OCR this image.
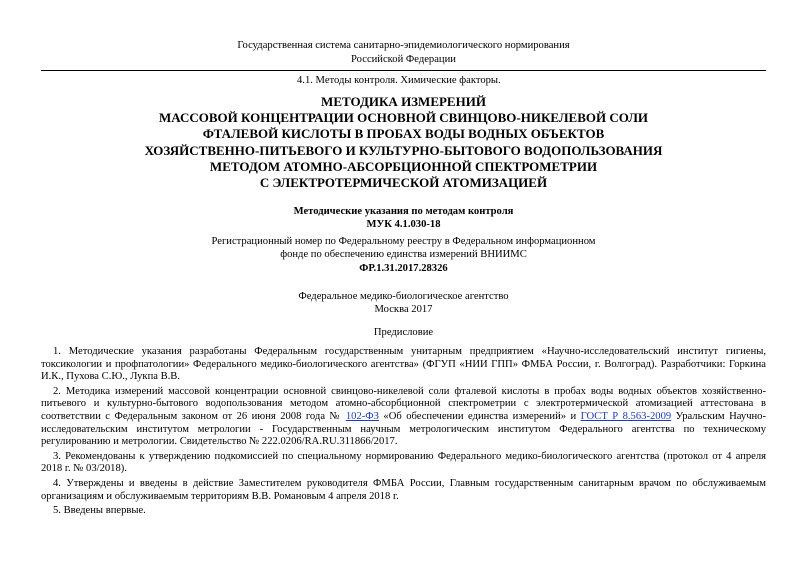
Государственная система санитарно-эпидемиологического нормирования
Российской Федерации
4.1. Методы контроля. Химические факторы.
МЕТОДИКА ИЗМЕРЕНИЙ
МАССОВОЙ КОНЦЕНТРАЦИИ ОСНОВНОЙ СВИНЦОВО-НИКЕЛЕВОЙ СОЛИ
ФТАЛЕВОЙ КИСЛОТЫ В ПРОБАХ ВОДЫ ВОДНЫХ ОБЪЕКТОВ
ХОЗЯЙСТВЕННО-ПИТЬЕВОГО И КУЛЬТУРНО-БЫТОВОГО ВОДОПОЛЬЗОВАНИЯ
МЕТОДОМ АТОМНО-АБСОРБЦИОННОЙ СПЕКТРОМЕТРИИ
С ЭЛЕКТРОТЕРМИЧЕСКОЙ АТОМИЗАЦИЕЙ
Методические указания по методам контроля
МУК 4.1.030-18
Регистрационный номер по Федеральному реестру в Федеральном информационном
фонде по обеспечению единства измерений ВНИИМС
ФР.1.31.2017.28326
Федеральное медико-биологическое агентство
Москва 2017
Предисловие

1. Методические указания разработаны Федеральным государственным унитарным предприятием «Научно-исследовательский институт гигиены, токсикологии и профпатологии» Федерального медико-биологического агентства» (ФГУП «НИИ ГПП» ФМБА России, г. Волгоград). Разработчики: Горкина И.К., Пухова С.Ю., Лукпа В.В.

2. Методика измерений массовой концентрации основной свинцово-никелевой соли фталевой кислоты в пробах воды водных объектов хозяйственно-питьевого и культурно-бытового водопользования методом атомно-абсорбционной спектрометрии с электротермической атомизацией аттестована в соответствии с Федеральным законом от 26 июня 2008 года № 102-ФЗ «Об обеспечении единства измерений» и ГОСТ Р 8.563-2009 Уральским Научно-исследовательским институтом метрологии - Государственным научным метрологическим институтом Федерального агентства по техническому регулированию и метрологии. Свидетельство № 222.0206/RA.RU.311866/2017.

3. Рекомендованы к утверждению подкомиссией по специальному нормированию Федерального медико-биологического агентства (протокол от 4 апреля 2018 г. № 03/2018).

4. Утверждены и введены в действие Заместителем руководителя ФМБА России, Главным государственным санитарным врачом по обслуживаемым организациям и обслуживаемым территориям В.В. Романовым 4 апреля 2018 г.

5. Введены впервые.
